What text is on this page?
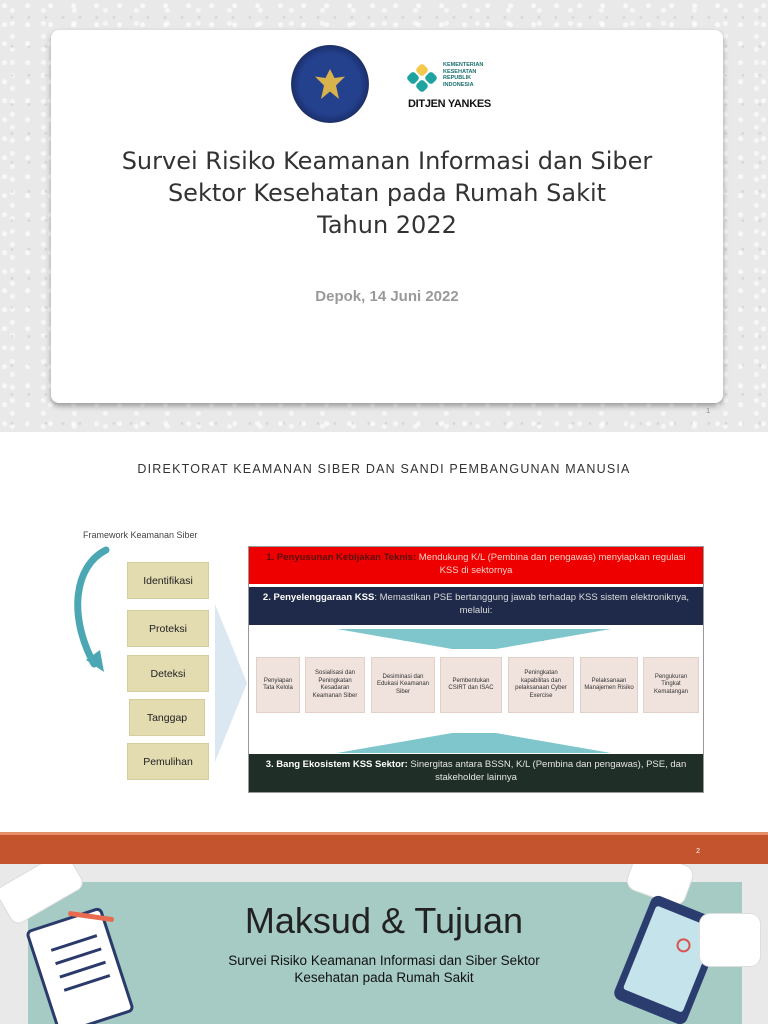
KEMENTERIAN
KESEHATAN
REPUBLIK
INDONESIA
DITJEN YANKES
Survei Risiko Keamanan Informasi dan Siber
Sektor Kesehatan pada Rumah Sakit
Tahun 2022
Depok, 14 Juni 2022
1
DIREKTORAT KEAMANAN SIBER DAN SANDI PEMBANGUNAN MANUSIA
Framework Keamanan Siber
Identifikasi
Proteksi
Deteksi
Tanggap
Pemulihan
1. Penyusunan Kebijakan Teknis: Mendukung K/L (Pembina dan pengawas) menyiapkan regulasi KSS di sektornya
2. Penyelenggaraan KSS: Memastikan PSE bertanggung jawab terhadap KSS sistem elektroniknya, melalui:
Penyiapan Tata Kelola
Sosialisasi dan Peningkatan Kesadaran Keamanan Siber
Desiminasi dan Edukasi Keamanan Siber
Pembentukan CSIRT dan ISAC
Peningkatan kapabilitas dan pelaksanaan Cyber Exercise
Pelaksanaan Manajemen Risiko
Pengukuran Tingkat Kematangan
3. Bang Ekosistem KSS Sektor: Sinergitas antara BSSN, K/L (Pembina dan pengawas), PSE, dan stakeholder lainnya
2
Maksud & Tujuan
Survei Risiko Keamanan Informasi dan Siber Sektor
Kesehatan pada Rumah Sakit
